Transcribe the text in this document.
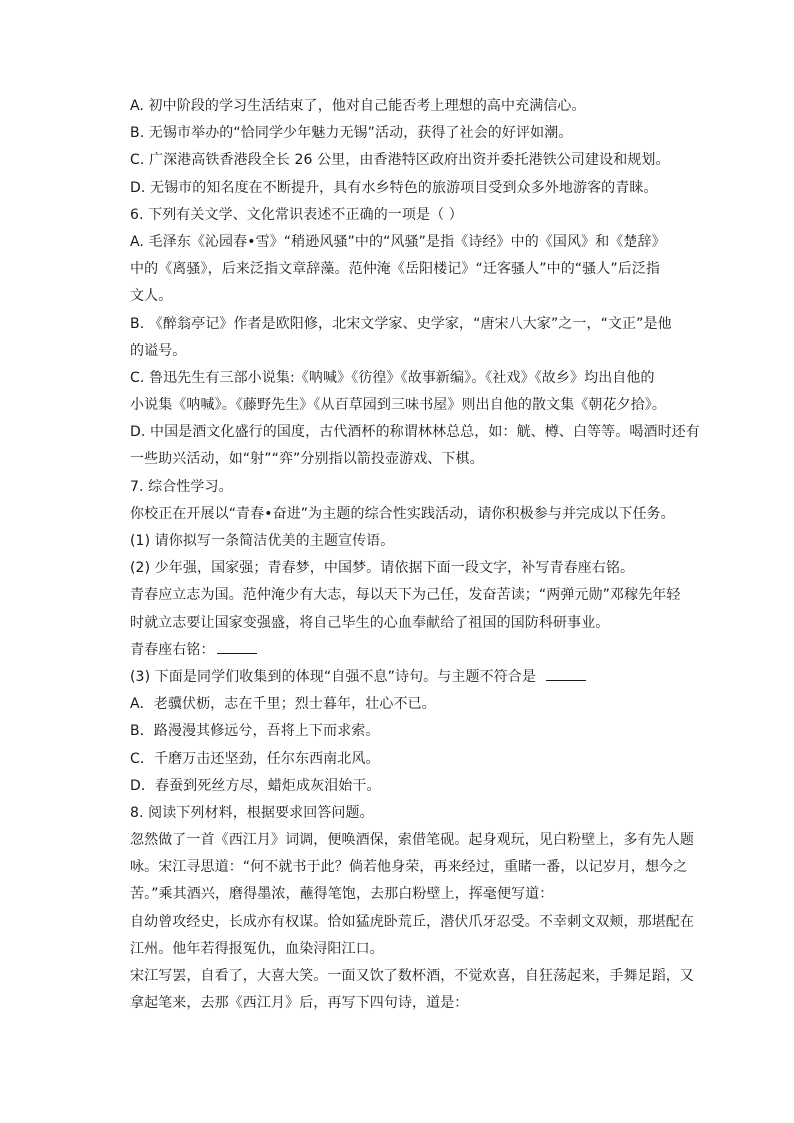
A. 初中阶段的学习生活结束了，他对自己能否考上理想的高中充满信心。
B. 无锡市举办的“恰同学少年魅力无锡”活动，获得了社会的好评如潮。
C. 广深港高铁香港段全长 26 公里，由香港特区政府出资并委托港铁公司建设和规划。
D. 无锡市的知名度在不断提升，具有水乡特色的旅游项目受到众多外地游客的青睐。
6. 下列有关文学、文化常识表述不正确的一项是（ ）
A. 毛泽东《沁园春•雪》“稍逊风骚”中的“风骚”是指《诗经》中的《国风》和《楚辞》
中的《离骚》，后来泛指文章辞藻。范仲淹《岳阳楼记》“迁客骚人”中的“骚人”后泛指
文人。
B. 《醉翁亭记》作者是欧阳修，北宋文学家、史学家，“唐宋八大家”之一，“文正”是他
的谥号。
C. 鲁迅先生有三部小说集:《呐喊》《彷徨》《故事新编》。《社戏》《故乡》均出自他的
小说集《呐喊》。《藤野先生》《从百草园到三味书屋》则出自他的散文集《朝花夕拾》。
D. 中国是酒文化盛行的国度，古代酒杯的称谓林林总总，如：觥、樽、白等等。喝酒时还有
一些助兴活动，如“射”“弈”分别指以箭投壶游戏、下棋。
7. 综合性学习。
你校正在开展以“青春•奋进”为主题的综合性实践活动，请你积极参与并完成以下任务。
(1) 请你拟写一条简洁优美的主题宣传语。
(2) 少年强，国家强；青春梦，中国梦。请依据下面一段文字，补写青春座右铭。
青春应立志为国。范仲淹少有大志，每以天下为己任，发奋苦读；“两弹元勋”邓稼先年轻
时就立志要让国家变强盛，将自己毕生的心血奉献给了祖国的国防科研事业。
青春座右铭：
(3) 下面是同学们收集到的体现“自强不息”诗句。与主题不符合是
A．老骥伏枥，志在千里；烈士暮年，壮心不已。
B．路漫漫其修远兮，吾将上下而求索。
C．千磨万击还坚劲，任尔东西南北风。
D．春蚕到死丝方尽，蜡炬成灰泪始干。
8. 阅读下列材料，根据要求回答问题。
忽然做了一首《西江月》词调，便唤酒保，索借笔砚。起身观玩，见白粉壁上，多有先人题
咏。宋江寻思道：“何不就书于此？倘若他身荣，再来经过，重睹一番，以记岁月，想今之
苦。”乘其酒兴，磨得墨浓，蘸得笔饱，去那白粉壁上，挥毫便写道：
自幼曾攻经史，长成亦有权谋。恰如猛虎卧荒丘，潜伏爪牙忍受。不幸刺文双颊，那堪配在
江州。他年若得报冤仇，血染浔阳江口。
宋江写罢，自看了，大喜大笑。一面又饮了数杯酒，不觉欢喜，自狂荡起来，手舞足蹈，又
拿起笔来，去那《西江月》后，再写下四句诗，道是：
